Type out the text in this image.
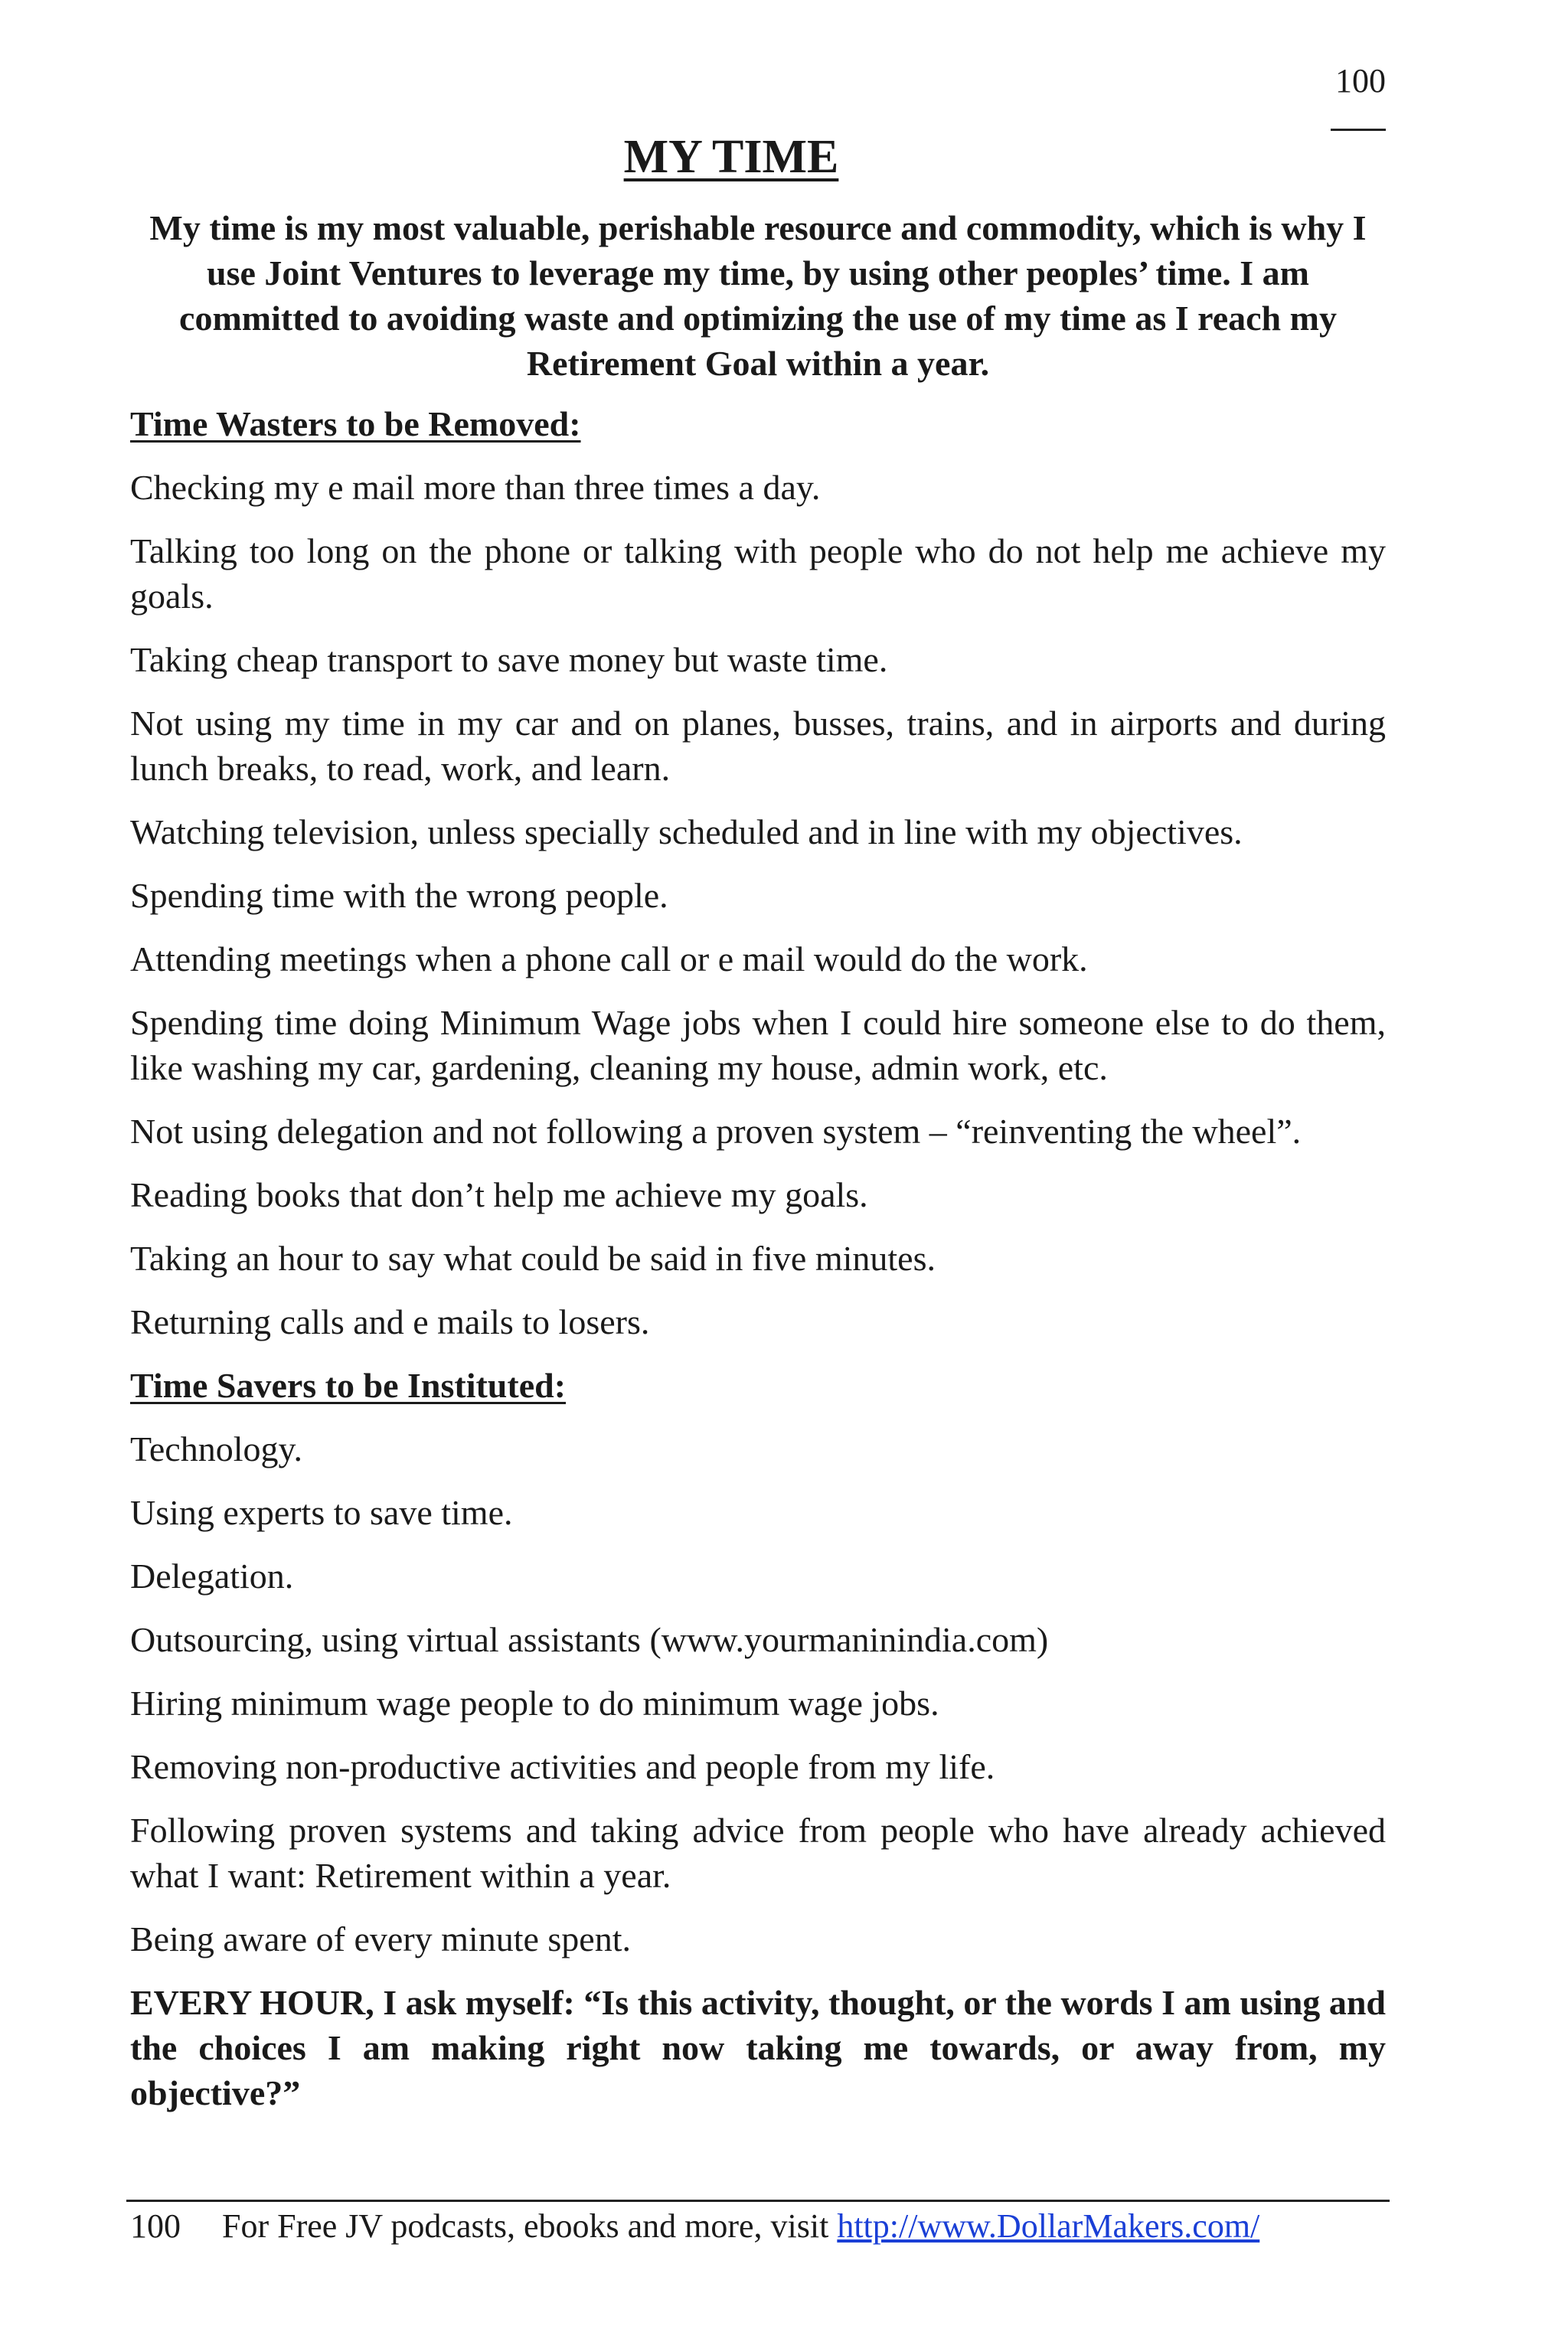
100
MY TIME
My time is my most valuable, perishable resource and commodity, which is why I use Joint Ventures to leverage my time, by using other peoples’ time. I am committed to avoiding waste and optimizing the use of my time as I reach my Retirement Goal within a year.
Time Wasters to be Removed:

Checking my e mail more than three times a day.

Talking too long on the phone or talking with people who do not help me achieve my goals.

Taking cheap transport to save money but waste time.

Not using my time in my car and on planes, busses, trains, and in airports and during lunch breaks, to read, work, and learn.

Watching television, unless specially scheduled and in line with my objectives.

Spending time with the wrong people.

Attending meetings when a phone call or e mail would do the work.

Spending time doing Minimum Wage jobs when I could hire someone else to do them, like washing my car, gardening, cleaning my house, admin work, etc.

Not using delegation and not following a proven system – “reinventing the wheel”.

Reading books that don’t help me achieve my goals.

Taking an hour to say what could be said in five minutes.

Returning calls and e mails to losers.

Time Savers to be Instituted:

Technology.

Using experts to save time.

Delegation.

Outsourcing, using virtual assistants (www.yourmaninindia.com)

Hiring minimum wage people to do minimum wage jobs.

Removing non-productive activities and people from my life.

Following proven systems and taking advice from people who have already achieved what I want: Retirement within a year.

Being aware of every minute spent.

EVERY HOUR, I ask myself: “Is this activity, thought, or the words I am using and the choices I am making right now taking me towards, or away from, my objective?”

100 For Free JV podcasts, ebooks and more, visit http://www.DollarMakers.com/
